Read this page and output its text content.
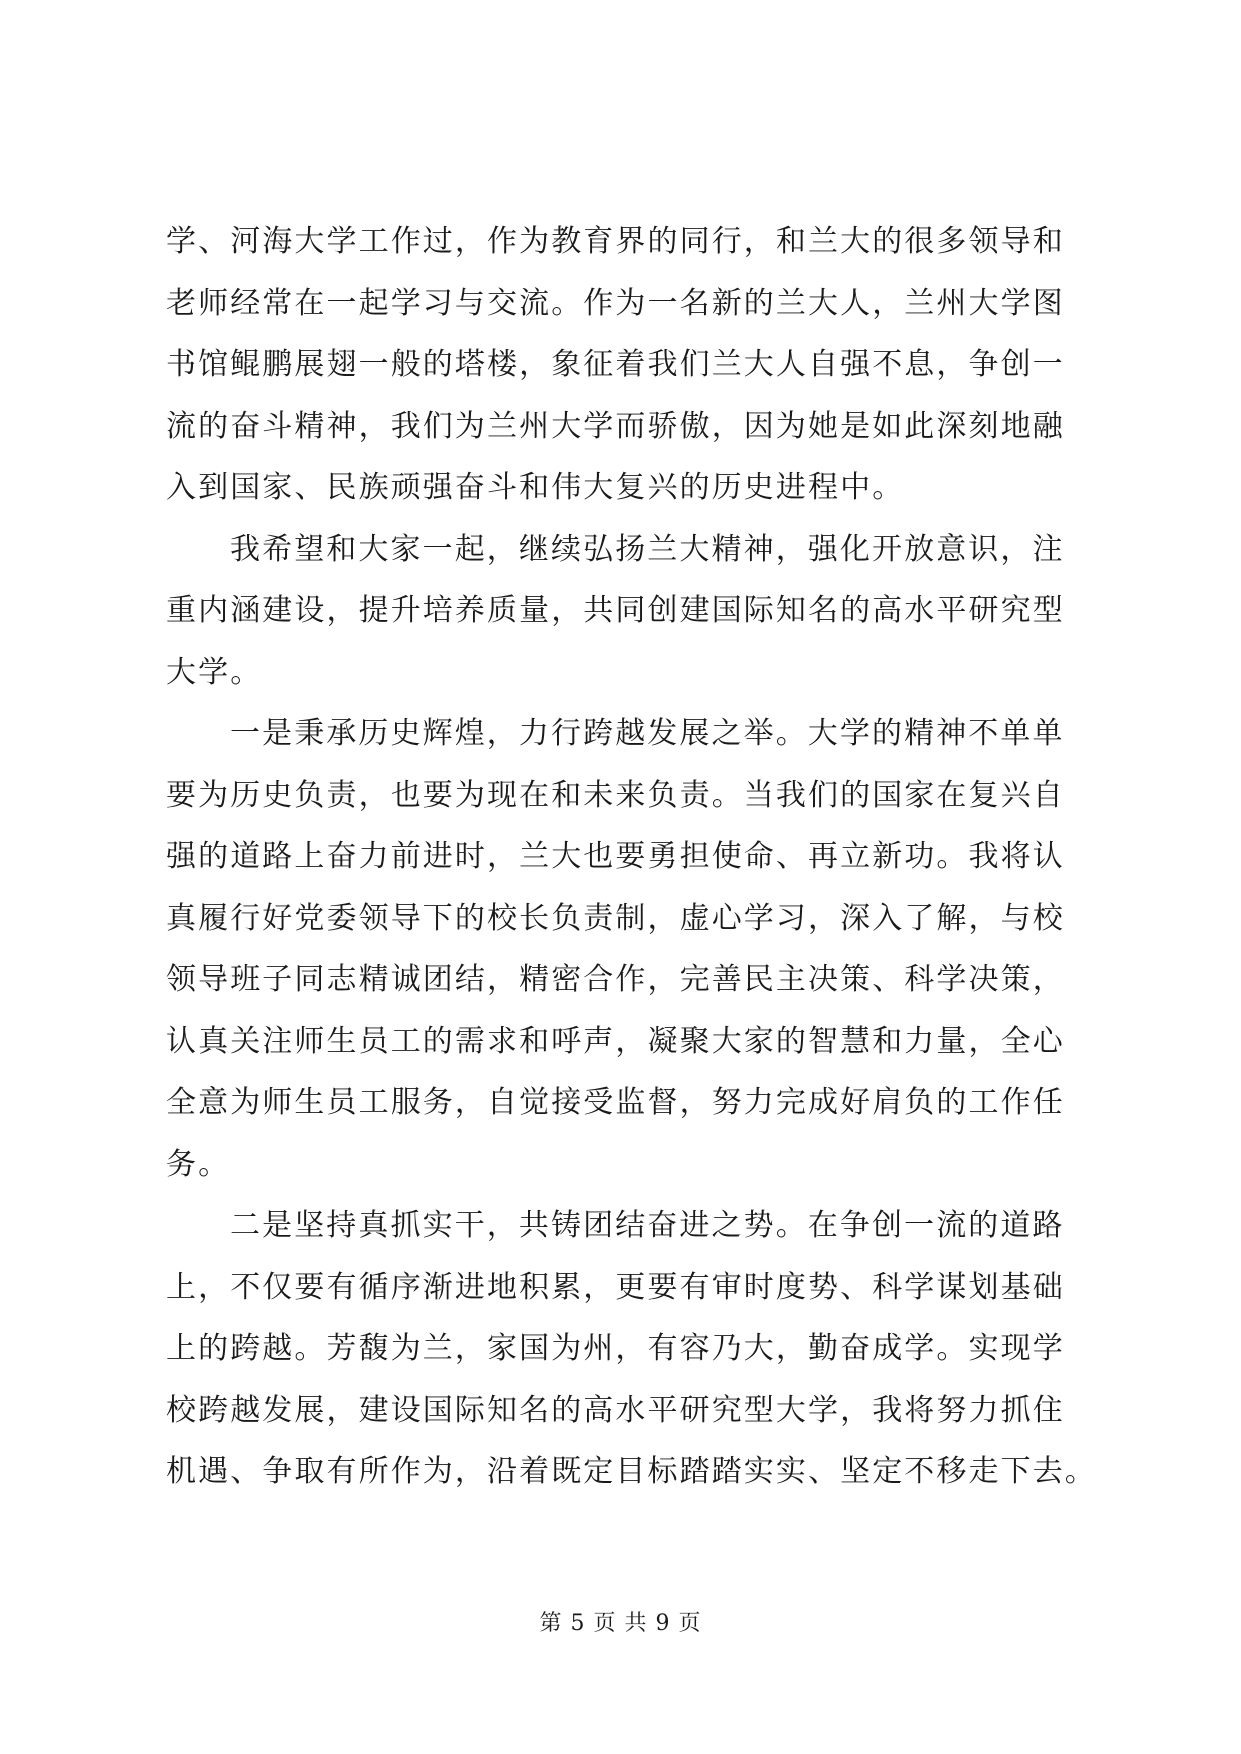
学、河海大学工作过，作为教育界的同行，和兰大的很多领导和
老师经常在一起学习与交流。作为一名新的兰大人，兰州大学图
书馆鲲鹏展翅一般的塔楼，象征着我们兰大人自强不息，争创一
流的奋斗精神，我们为兰州大学而骄傲，因为她是如此深刻地融
入到国家、民族顽强奋斗和伟大复兴的历史进程中。
我希望和大家一起，继续弘扬兰大精神，强化开放意识，注
重内涵建设，提升培养质量，共同创建国际知名的高水平研究型
大学。
一是秉承历史辉煌，力行跨越发展之举。大学的精神不单单
要为历史负责，也要为现在和未来负责。当我们的国家在复兴自
强的道路上奋力前进时，兰大也要勇担使命、再立新功。我将认
真履行好党委领导下的校长负责制，虚心学习，深入了解，与校
领导班子同志精诚团结，精密合作，完善民主决策、科学决策，
认真关注师生员工的需求和呼声，凝聚大家的智慧和力量，全心
全意为师生员工服务，自觉接受监督，努力完成好肩负的工作任
务。
二是坚持真抓实干，共铸团结奋进之势。在争创一流的道路
上，不仅要有循序渐进地积累，更要有审时度势、科学谋划基础
上的跨越。芳馥为兰，家国为州，有容乃大，勤奋成学。实现学
校跨越发展，建设国际知名的高水平研究型大学，我将努力抓住
机遇、争取有所作为，沿着既定目标踏踏实实、坚定不移走下去。
第 5 页 共 9 页
